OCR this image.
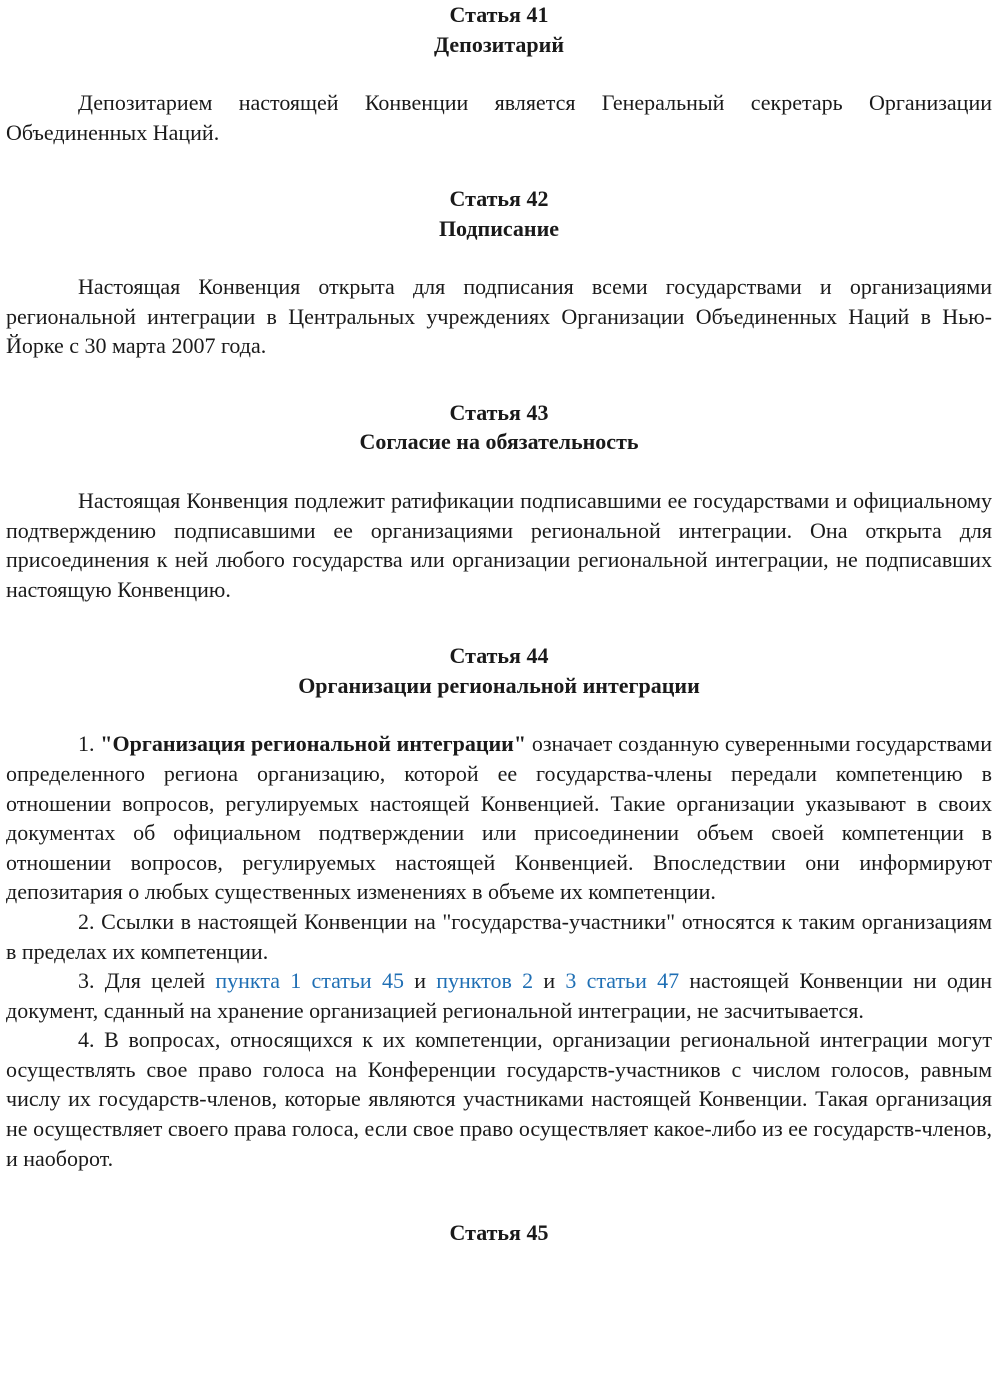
Статья 41
Депозитарий

Депозитарием настоящей Конвенции является Генеральный секретарь Организации Объединенных Наций.

Статья 42
Подписание

Настоящая Конвенция открыта для подписания всеми государствами и организациями региональной интеграции в Центральных учреждениях Организации Объединенных Наций в Нью-Йорке с 30 марта 2007 года.

Статья 43
Согласие на обязательность

Настоящая Конвенция подлежит ратификации подписавшими ее государствами и официальному подтверждению подписавшими ее организациями региональной интеграции. Она открыта для присоединения к ней любого государства или организации региональной интеграции, не подписавших настоящую Конвенцию.

Статья 44
Организации региональной интеграции

1. "Организация региональной интеграции" означает созданную суверенными государствами определенного региона организацию, которой ее государства-члены передали компетенцию в отношении вопросов, регулируемых настоящей Конвенцией. Такие организации указывают в своих документах об официальном подтверждении или присоединении объем своей компетенции в отношении вопросов, регулируемых настоящей Конвенцией. Впоследствии они информируют депозитария о любых существенных изменениях в объеме их компетенции.

2. Ссылки в настоящей Конвенции на "государства-участники" относятся к таким организациям в пределах их компетенции.

3. Для целей пункта 1 статьи 45 и пунктов 2 и 3 статьи 47 настоящей Конвенции ни один документ, сданный на хранение организацией региональной интеграции, не засчитывается.

4. В вопросах, относящихся к их компетенции, организации региональной интеграции могут осуществлять свое право голоса на Конференции государств-участников с числом голосов, равным числу их государств-членов, которые являются участниками настоящей Конвенции. Такая организация не осуществляет своего права голоса, если свое право осуществляет какое-либо из ее государств-членов, и наоборот.

Статья 45
